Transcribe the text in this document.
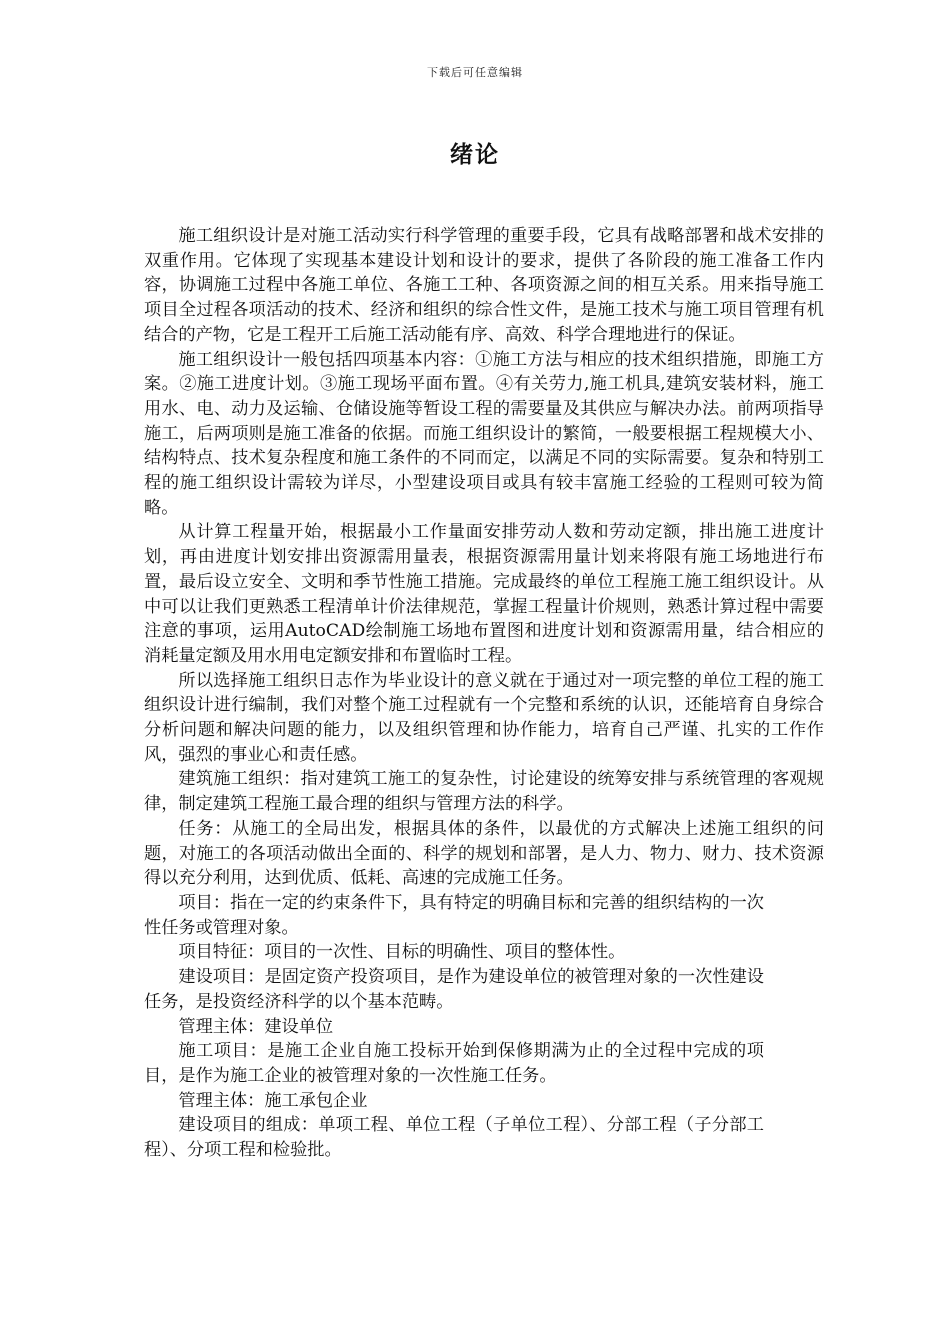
下载后可任意编辑
绪论

施工组织设计是对施工活动实行科学管理的重要手段，它具有战略部署和战术安排的双重作用。它体现了实现基本建设计划和设计的要求，提供了各阶段的施工准备工作内容，协调施工过程中各施工单位、各施工工种、各项资源之间的相互关系。用来指导施工项目全过程各项活动的技术、经济和组织的综合性文件，是施工技术与施工项目管理有机结合的产物，它是工程开工后施工活动能有序、高效、科学合理地进行的保证。

施工组织设计一般包括四项基本内容：①施工方法与相应的技术组织措施，即施工方案。②施工进度计划。③施工现场平面布置。④有关劳力,施工机具,建筑安装材料，施工用水、电、动力及运输、仓储设施等暂设工程的需要量及其供应与解决办法。前两项指导施工，后两项则是施工准备的依据。而施工组织设计的繁简，一般要根据工程规模大小、结构特点、技术复杂程度和施工条件的不同而定，以满足不同的实际需要。复杂和特别工程的施工组织设计需较为详尽，小型建设项目或具有较丰富施工经验的工程则可较为简略。

从计算工程量开始，根据最小工作量面安排劳动人数和劳动定额，排出施工进度计划，再由进度计划安排出资源需用量表，根据资源需用量计划来将限有施工场地进行布置，最后设立安全、文明和季节性施工措施。完成最终的单位工程施工施工组织设计。从中可以让我们更熟悉工程清单计价法律规范，掌握工程量计价规则，熟悉计算过程中需要注意的事项，运用AutoCAD绘制施工场地布置图和进度计划和资源需用量，结合相应的消耗量定额及用水用电定额安排和布置临时工程。

所以选择施工组织日志作为毕业设计的意义就在于通过对一项完整的单位工程的施工组织设计进行编制，我们对整个施工过程就有一个完整和系统的认识，还能培育自身综合分析问题和解决问题的能力，以及组织管理和协作能力，培育自己严谨、扎实的工作作风，强烈的事业心和责任感。

建筑施工组织：指对建筑工施工的复杂性，讨论建设的统筹安排与系统管理的客观规律，制定建筑工程施工最合理的组织与管理方法的科学。

任务：从施工的全局出发，根据具体的条件，以最优的方式解决上述施工组织的问题，对施工的各项活动做出全面的、科学的规划和部署，是人力、物力、财力、技术资源得以充分利用，达到优质、低耗、高速的完成施工任务。

项目：指在一定的约束条件下，具有特定的明确目标和完善的组织结构的一次性任务或管理对象。

项目特征：项目的一次性、目标的明确性、项目的整体性。

建设项目：是固定资产投资项目，是作为建设单位的被管理对象的一次性建设任务，是投资经济科学的以个基本范畴。

管理主体：建设单位

施工项目：是施工企业自施工投标开始到保修期满为止的全过程中完成的项目，是作为施工企业的被管理对象的一次性施工任务。

管理主体：施工承包企业

建设项目的组成：单项工程、单位工程（子单位工程）、分部工程（子分部工程）、分项工程和检验批。
